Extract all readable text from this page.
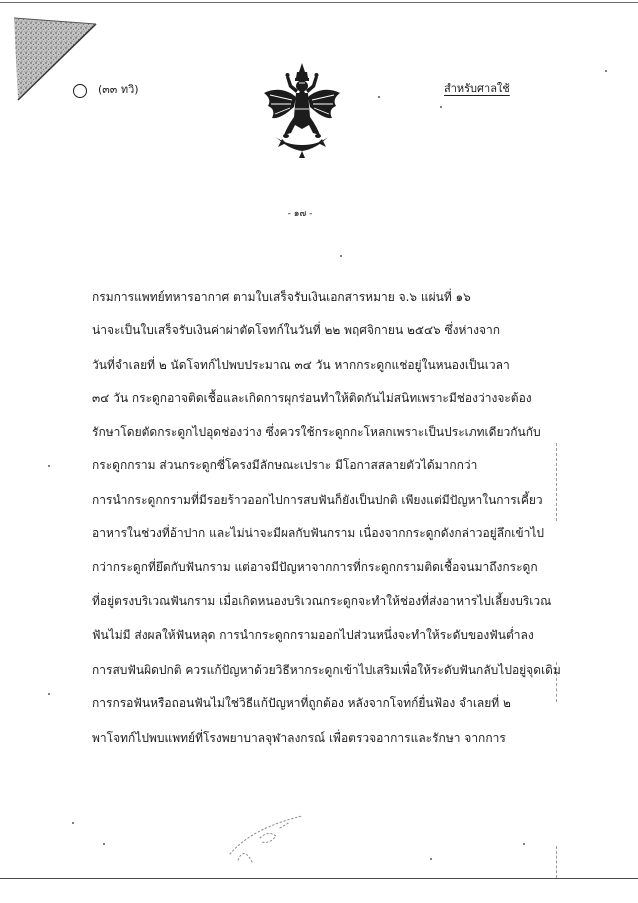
(๓๓ ทวิ)	สำหรับศาลใช้
- ๑๗ -
กรมการแพทย์ทหารอากาศ ตามใบเสร็จรับเงินเอกสารหมาย จ.๖ แผ่นที่ ๑๖
น่าจะเป็นใบเสร็จรับเงินค่าผ่าตัดโจทก์ในวันที่ ๒๒ พฤศจิกายน ๒๕๔๖ ซึ่งห่างจาก
วันที่จำเลยที่ ๒ นัดโจทก์ไปพบประมาณ ๓๔ วัน หากกระดูกแช่อยู่ในหนองเป็นเวลา
๓๔ วัน กระดูกอาจติดเชื้อและเกิดการผุกร่อนทำให้ติดกันไม่สนิทเพราะมีช่องว่างจะต้อง
รักษาโดยตัดกระดูกไปอุดช่องว่าง ซึ่งควรใช้กระดูกกะโหลกเพราะเป็นประเภทเดียวกันกับ
กระดูกกราม ส่วนกระดูกซี่โครงมีลักษณะเปราะ มีโอกาสสลายตัวได้มากกว่า
การนำกระดูกกรามที่มีรอยร้าวออกไปการสบฟันก็ยังเป็นปกติ เพียงแต่มีปัญหาในการเคี้ยว
อาหารในช่วงที่อ้าปาก และไม่น่าจะมีผลกับฟันกราม เนื่องจากกระดูกดังกล่าวอยู่ลึกเข้าไป
กว่ากระดูกที่ยึดกับฟันกราม แต่อาจมีปัญหาจากการที่กระดูกกรามติดเชื้อจนมาถึงกระดูก
ที่อยู่ตรงบริเวณฟันกราม เมื่อเกิดหนองบริเวณกระดูกจะทำให้ช่องที่ส่งอาหารไปเลี้ยงบริเวณ
ฟันไม่มี ส่งผลให้ฟันหลุด การนำกระดูกกรามออกไปส่วนหนึ่งจะทำให้ระดับของฟันต่ำลง
การสบฟันผิดปกติ ควรแก้ปัญหาด้วยวิธีหากระดูกเข้าไปเสริมเพื่อให้ระดับฟันกลับไปอยู่จุดเดิม
การกรอฟันหรือถอนฟันไม่ใช่วิธีแก้ปัญหาที่ถูกต้อง หลังจากโจทก์ยื่นฟ้อง จำเลยที่ ๒
พาโจทก์ไปพบแพทย์ที่โรงพยาบาลจุฬาลงกรณ์ เพื่อตรวจอาการและรักษา จากการ
